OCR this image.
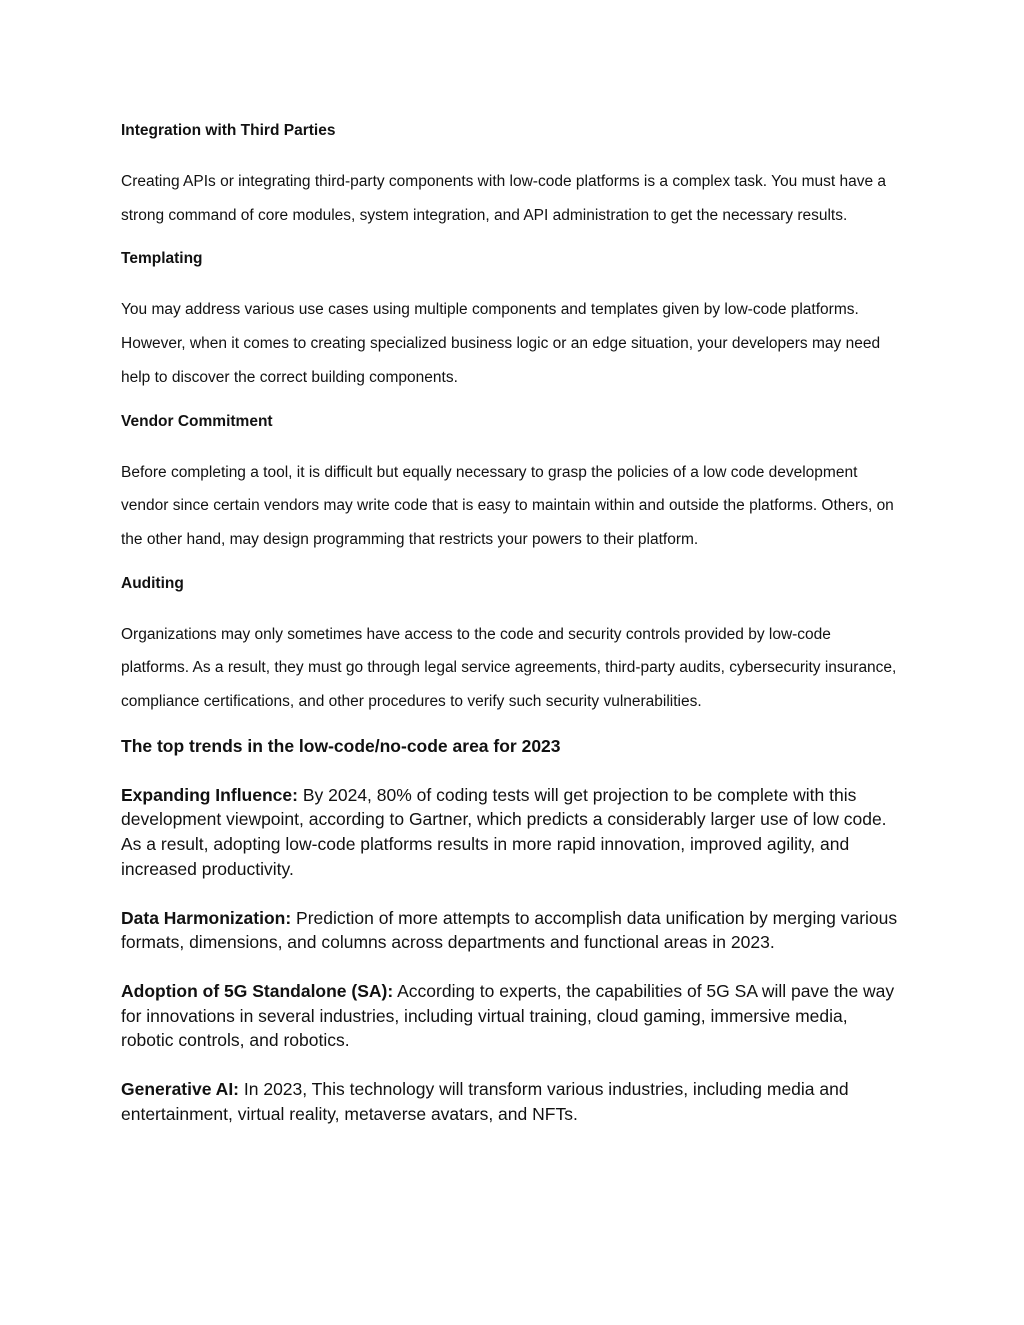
Integration with Third Parties

Creating APIs or integrating third-party components with low-code platforms is a complex task. You must have a strong command of core modules, system integration, and API administration to get the necessary results.

Templating

You may address various use cases using multiple components and templates given by low-code platforms. However, when it comes to creating specialized business logic or an edge situation, your developers may need help to discover the correct building components.

Vendor Commitment

Before completing a tool, it is difficult but equally necessary to grasp the policies of a low code development vendor since certain vendors may write code that is easy to maintain within and outside the platforms. Others, on the other hand, may design programming that restricts your powers to their platform.

Auditing

Organizations may only sometimes have access to the code and security controls provided by low-code platforms. As a result, they must go through legal service agreements, third-party audits, cybersecurity insurance, compliance certifications, and other procedures to verify such security vulnerabilities.

The top trends in the low-code/no-code area for 2023

Expanding Influence: By 2024, 80% of coding tests will get projection to be complete with this development viewpoint, according to Gartner, which predicts a considerably larger use of low code. As a result, adopting low-code platforms results in more rapid innovation, improved agility, and increased productivity.

Data Harmonization: Prediction of more attempts to accomplish data unification by merging various formats, dimensions, and columns across departments and functional areas in 2023.

Adoption of 5G Standalone (SA): According to experts, the capabilities of 5G SA will pave the way for innovations in several industries, including virtual training, cloud gaming, immersive media, robotic controls, and robotics.

Generative AI: In 2023, This technology will transform various industries, including media and entertainment, virtual reality, metaverse avatars, and NFTs.
